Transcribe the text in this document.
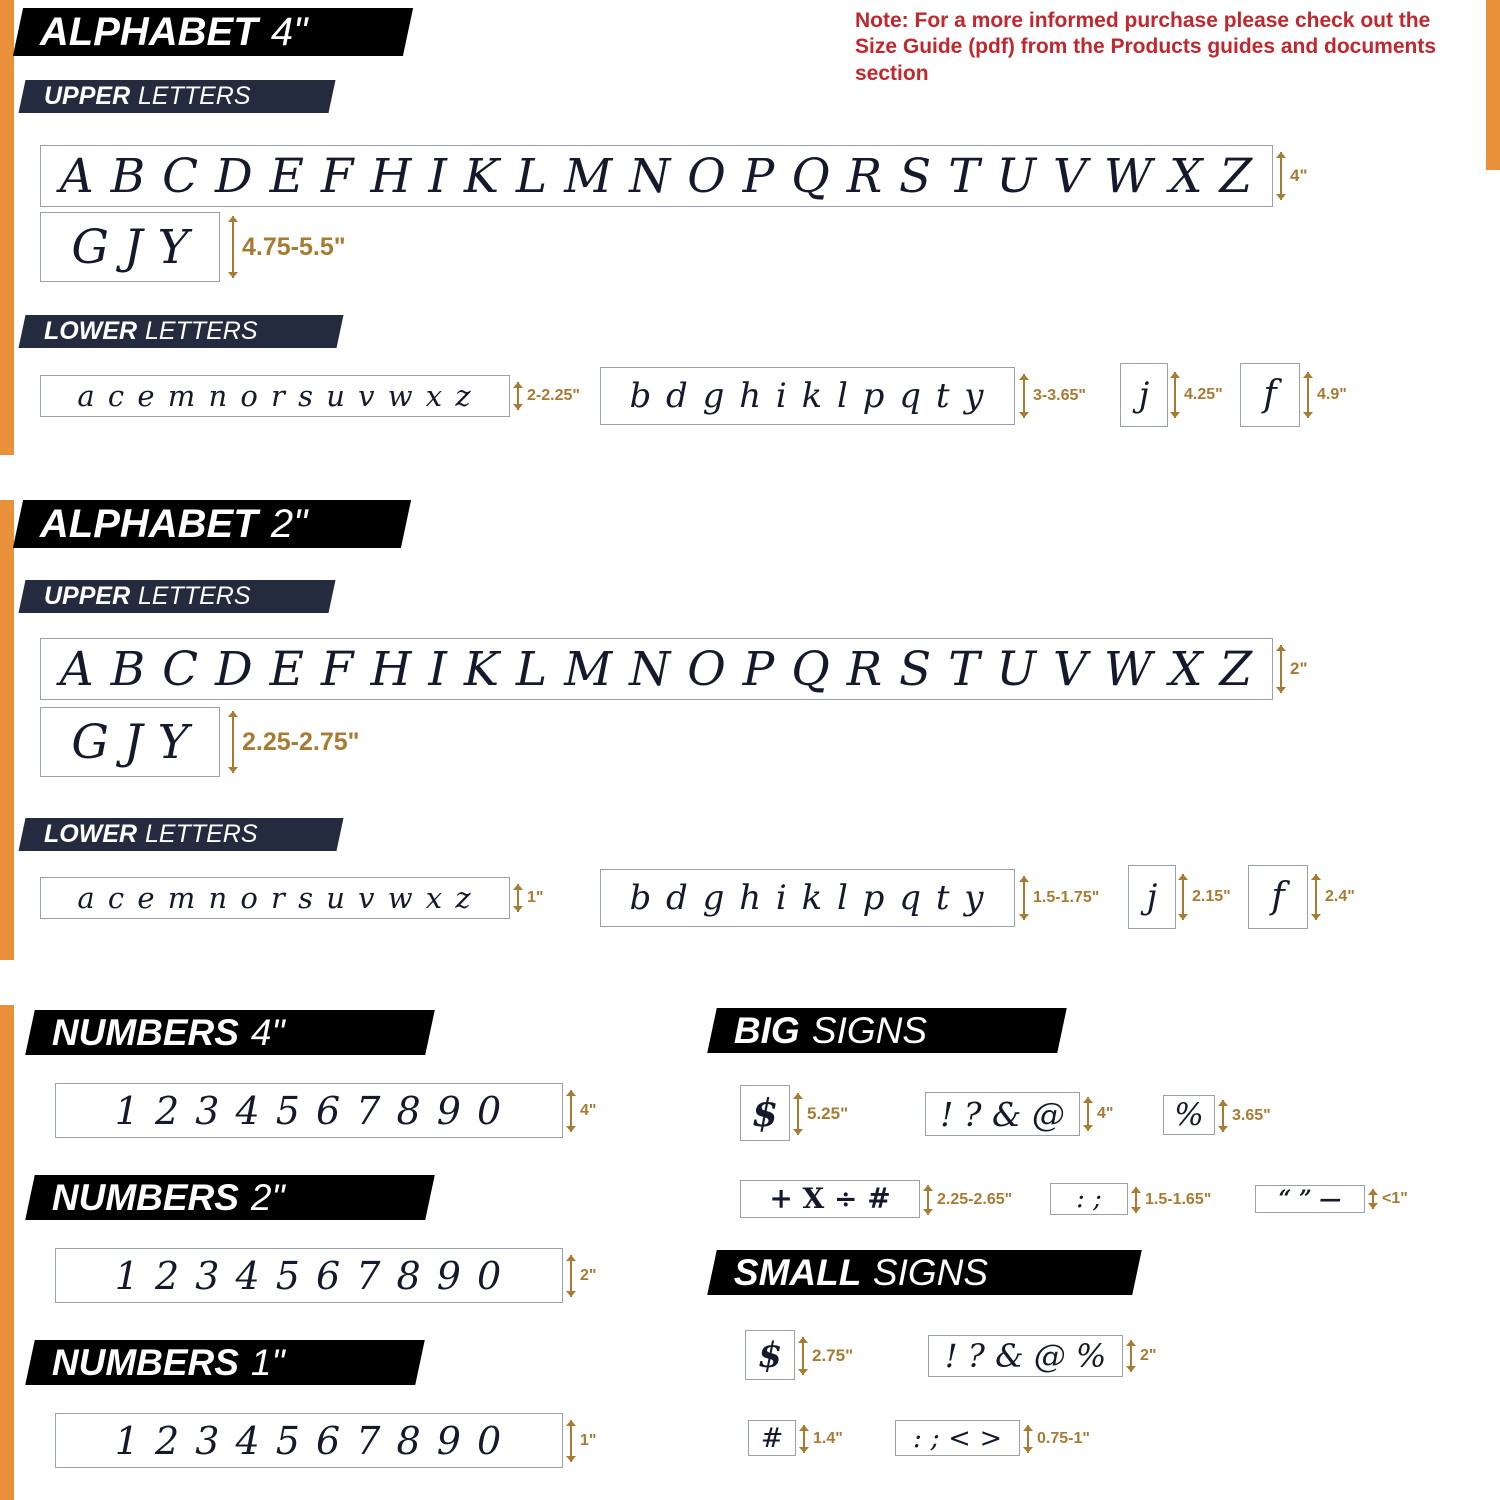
Note: For a more informed purchase please check out the Size Guide (pdf) from the Products guides and documents section
ALPHABET 4"
UPPER LETTERS
A B C D E F H I K L M N O P Q R S T U V W X Z	4"
G J Y	4.75-5.5"
LOWER LETTERS
a c e m n o r s u v w x z	2-2.25"	b d g h i k l p q t y	3-3.65"	j	4.25"	f	4.9"
ALPHABET 2"
UPPER LETTERS
A B C D E F H I K L M N O P Q R S T U V W X Z	2"
G J Y	2.25-2.75"
LOWER LETTERS
a c e m n o r s u v w x z	1"	b d g h i k l p q t y	1.5-1.75"	j	2.15"	f	2.4"
NUMBERS 4"
1 2 3 4 5 6 7 8 9 0	4"
NUMBERS 2"
1 2 3 4 5 6 7 8 9 0	2"
NUMBERS 1"
1 2 3 4 5 6 7 8 9 0	1"
BIG SIGNS
$	5.25"	! ? & @	4"	%	3.65"
+ X ÷ #	2.25-2.65"	: ;	1.5-1.65"	“ ” —	<1"
SMALL SIGNS
$	2.75"	! ? & @ %	2"
#	1.4"	: ; < >	0.75-1"
